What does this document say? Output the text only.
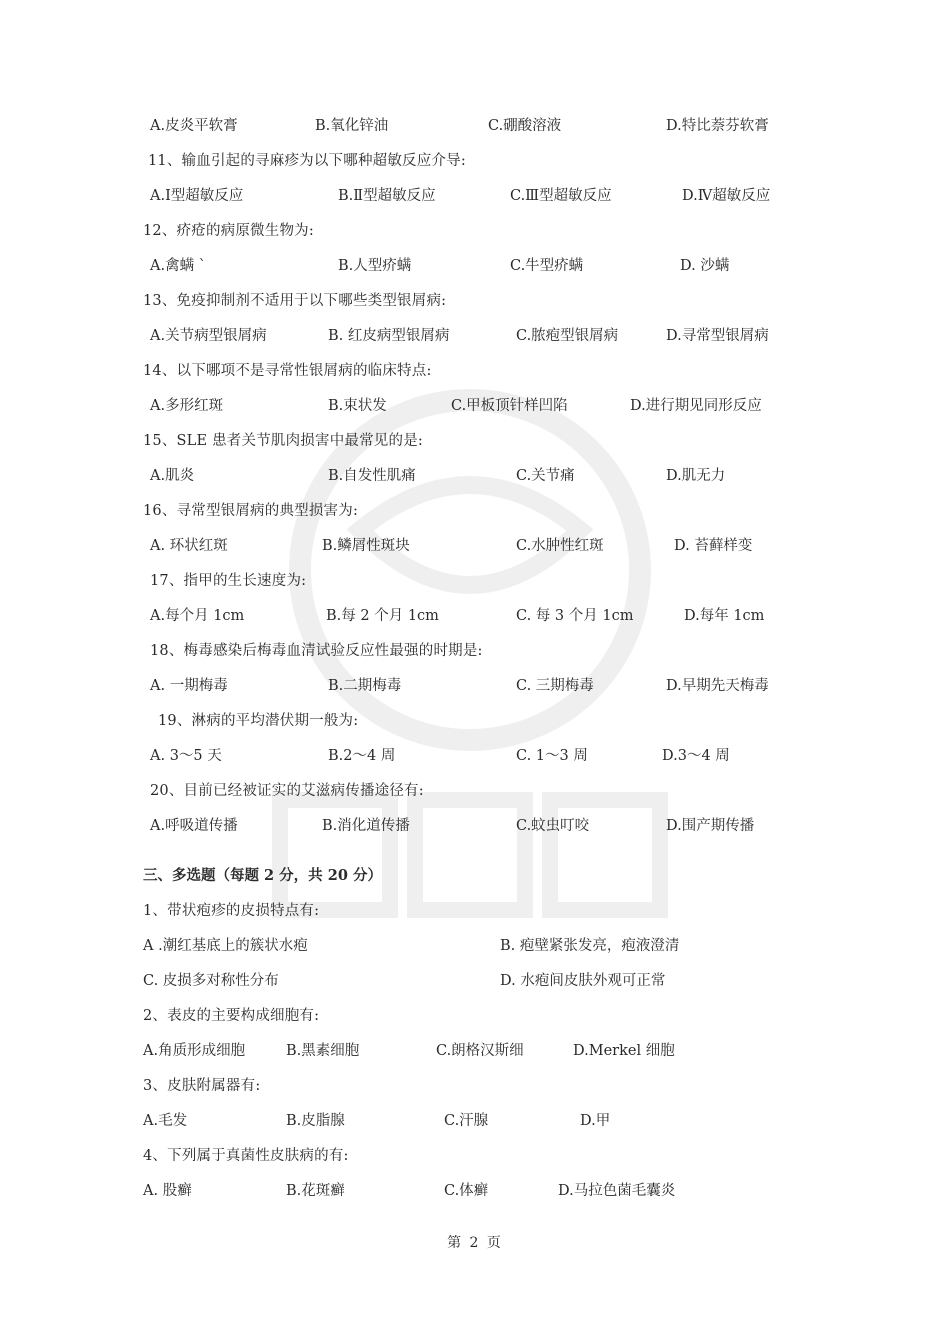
A.皮炎平软膏	B.氧化锌油	C.硼酸溶液	D.特比萘芬软膏
11、输血引起的寻麻疹为以下哪种超敏反应介导:
A.Ⅰ型超敏反应	B.Ⅱ型超敏反应	C.Ⅲ型超敏反应	D.Ⅳ超敏反应
12、疥疮的病原微生物为:
A.禽螨 `	B.人型疥螨	C.牛型疥螨	D. 沙螨
13、免疫抑制剂不适用于以下哪些类型银屑病:
A.关节病型银屑病	B. 红皮病型银屑病	C.脓疱型银屑病	D.寻常型银屑病
14、以下哪项不是寻常性银屑病的临床特点:
A.多形红斑	B.束状发	C.甲板顶针样凹陷	D.进行期见同形反应
15、SLE 患者关节肌肉损害中最常见的是:
A.肌炎	B.自发性肌痛	C.关节痛	D.肌无力
16、寻常型银屑病的典型损害为:
A. 环状红斑	B.鳞屑性斑块	C.水肿性红斑	D. 苔藓样变
17、指甲的生长速度为:
A.每个月 1cm	B.每 2 个月 1cm	C. 每 3 个月 1cm	D.每年 1cm
18、梅毒感染后梅毒血清试验反应性最强的时期是:
A. 一期梅毒	B.二期梅毒	C. 三期梅毒	D.早期先天梅毒
19、淋病的平均潜伏期一般为:
A. 3～5 天	B.2～4 周	C. 1～3 周	D.3～4 周
20、目前已经被证实的艾滋病传播途径有:
A.呼吸道传播	B.消化道传播	C.蚊虫叮咬	D.围产期传播
1、带状疱疹的皮损特点有:
A .潮红基底上的簇状水疱	B. 疱壁紧张发亮，疱液澄清
C. 皮损多对称性分布	D. 水疱间皮肤外观可正常
2、表皮的主要构成细胞有:
A.角质形成细胞	B.黑素细胞	C.朗格汉斯细	D.Merkel 细胞
3、皮肤附属器有:
A.毛发	B.皮脂腺	C.汗腺	D.甲
4、下列属于真菌性皮肤病的有:
A. 股癣	B.花斑癣	C.体癣	D.马拉色菌毛囊炎
三、多选题（每题 2 分，共 20 分）
第 2 页
